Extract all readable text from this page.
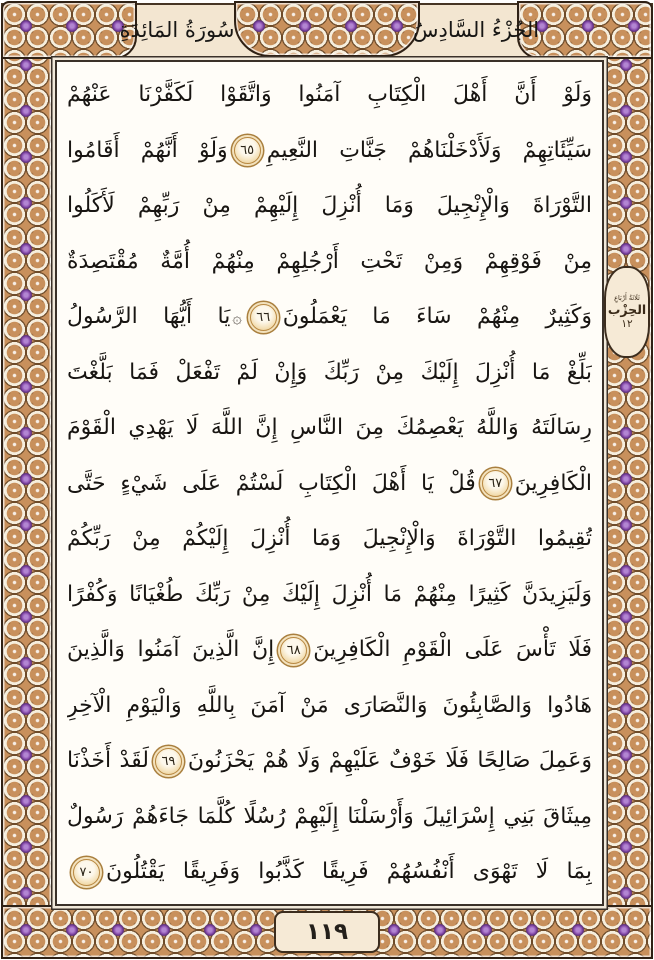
سُورَةُ المَائِدَةِ	الجُزْءُ السَّادِسُ
ثَلَاثَةُ أَرْبَاعِ
الحِزْب
١٢
وَلَوْ أَنَّ أَهْلَ الْكِتَابِ آمَنُوا وَاتَّقَوْا لَكَفَّرْنَا عَنْهُمْ
سَيِّئَاتِهِمْ وَلَأَدْخَلْنَاهُمْ جَنَّاتِ النَّعِيمِ٦٥وَلَوْ أَنَّهُمْ أَقَامُوا
التَّوْرَاةَ وَالْإِنْجِيلَ وَمَا أُنْزِلَ إِلَيْهِمْ مِنْ رَبِّهِمْ لَأَكَلُوا
مِنْ فَوْقِهِمْ وَمِنْ تَحْتِ أَرْجُلِهِمْ مِنْهُمْ أُمَّةٌ مُقْتَصِدَةٌ
وَكَثِيرٌ مِنْهُمْ سَاءَ مَا يَعْمَلُونَ٦٦۞يَا أَيُّهَا الرَّسُولُ
بَلِّغْ مَا أُنْزِلَ إِلَيْكَ مِنْ رَبِّكَ وَإِنْ لَمْ تَفْعَلْ فَمَا بَلَّغْتَ
رِسَالَتَهُ وَاللَّهُ يَعْصِمُكَ مِنَ النَّاسِ إِنَّ اللَّهَ لَا يَهْدِي الْقَوْمَ
الْكَافِرِينَ٦٧قُلْ يَا أَهْلَ الْكِتَابِ لَسْتُمْ عَلَى شَيْءٍ حَتَّى
تُقِيمُوا التَّوْرَاةَ وَالْإِنْجِيلَ وَمَا أُنْزِلَ إِلَيْكُمْ مِنْ رَبِّكُمْ
وَلَيَزِيدَنَّ كَثِيرًا مِنْهُمْ مَا أُنْزِلَ إِلَيْكَ مِنْ رَبِّكَ طُغْيَانًا وَكُفْرًا
فَلَا تَأْسَ عَلَى الْقَوْمِ الْكَافِرِينَ٦٨إِنَّ الَّذِينَ آمَنُوا وَالَّذِينَ
هَادُوا وَالصَّابِئُونَ وَالنَّصَارَى مَنْ آمَنَ بِاللَّهِ وَالْيَوْمِ الْآخِرِ
وَعَمِلَ صَالِحًا فَلَا خَوْفٌ عَلَيْهِمْ وَلَا هُمْ يَحْزَنُونَ٦٩لَقَدْ أَخَذْنَا
مِيثَاقَ بَنِي إِسْرَائِيلَ وَأَرْسَلْنَا إِلَيْهِمْ رُسُلًا كُلَّمَا جَاءَهُمْ رَسُولٌ
بِمَا لَا تَهْوَى أَنْفُسُهُمْ فَرِيقًا كَذَّبُوا وَفَرِيقًا يَقْتُلُونَ٧٠
١١٩
